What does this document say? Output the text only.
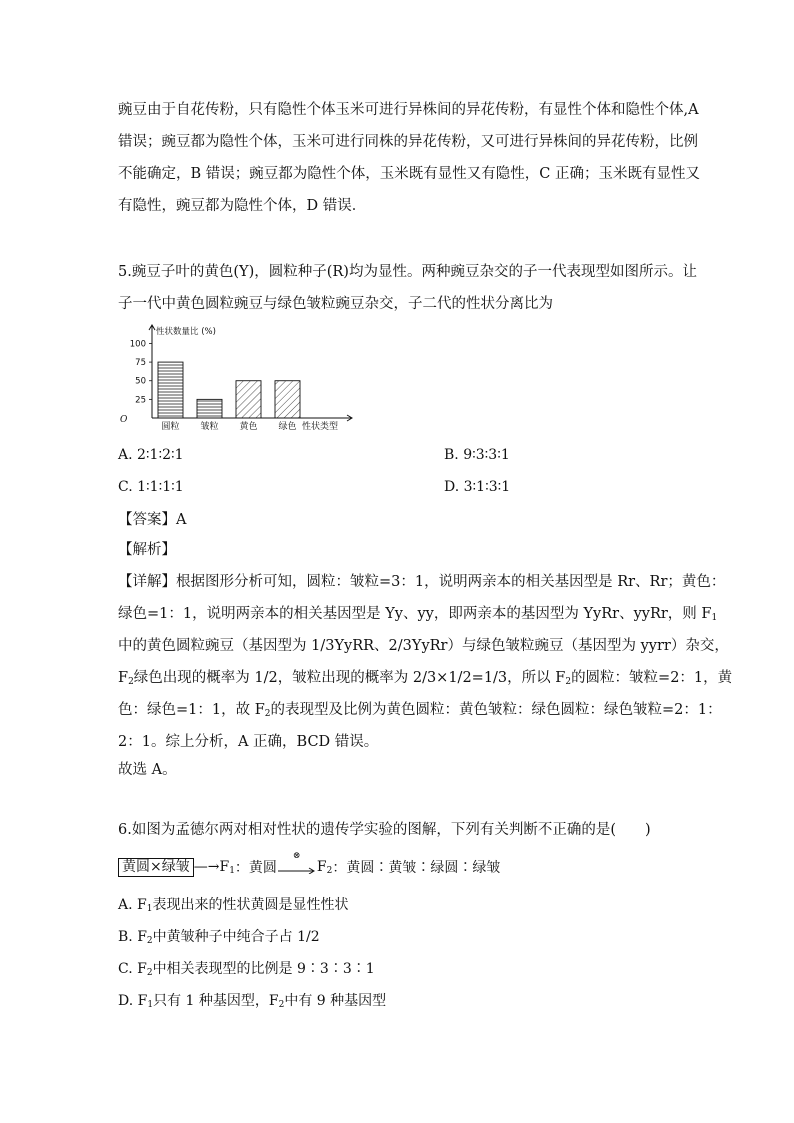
豌豆由于自花传粉，只有隐性个体玉米可进行异株间的异花传粉，有显性个体和隐性个体,A
错误；豌豆都为隐性个体，玉米可进行同株的异花传粉，又可进行异株间的异花传粉，比例
不能确定，B 错误；豌豆都为隐性个体，玉米既有显性又有隐性，C 正确；玉米既有显性又
有隐性，豌豆都为隐性个体，D 错误．
5.豌豆子叶的黄色(Y)，圆粒种子(R)均为显性。两种豌豆杂交的子一代表现型如图所示。让
子一代中黄色圆粒豌豆与绿色皱粒豌豆杂交，子二代的性状分离比为
性状数量比 (%)
25
50
75
100
O
圆粒 皱粒 黄色 绿色 性状类型
A. 2∶1∶2∶1	B. 9∶3∶3∶1
C. 1∶1∶1∶1	D. 3∶1∶3∶1
【答案】A
【解析】
【详解】根据图形分析可知，圆粒：皱粒=3：1，说明两亲本的相关基因型是 Rr、Rr；黄色：
绿色=1：1，说明两亲本的相关基因型是 Yy、yy，即两亲本的基因型为 YyRr、yyRr，则 $F_1$
中的黄色圆粒豌豆（基因型为 1/3YyRR、2/3YyRr）与绿色皱粒豌豆（基因型为 yyrr）杂交，
$F_2$绿色出现的概率为 1/2，皱粒出现的概率为 2/3×1/2=1/3，所以 $F_2$的圆粒：皱粒=2：1，黄
色：绿色=1：1，故 $F_2$的表现型及比例为黄色圆粒：黄色皱粒：绿色圆粒：绿色皱粒=2：1：
2：1。综上分析，A 正确，BCD 错误。
故选 A。
6.如图为孟德尔两对相对性状的遗传学实验的图解，下列有关判断不正确的是(　　)
黄圆×绿皱 $—\to F_1$：黄圆
⊗
$F_2$：黄圆∶黄皱∶绿圆∶绿皱
A. $F_1$表现出来的性状黄圆是显性性状
B. $F_2$中黄皱种子中纯合子占 1/2
C. $F_2$中相关表现型的比例是 9∶3∶3∶1
D. $F_1$只有 1 种基因型，$F_2$中有 9 种基因型
